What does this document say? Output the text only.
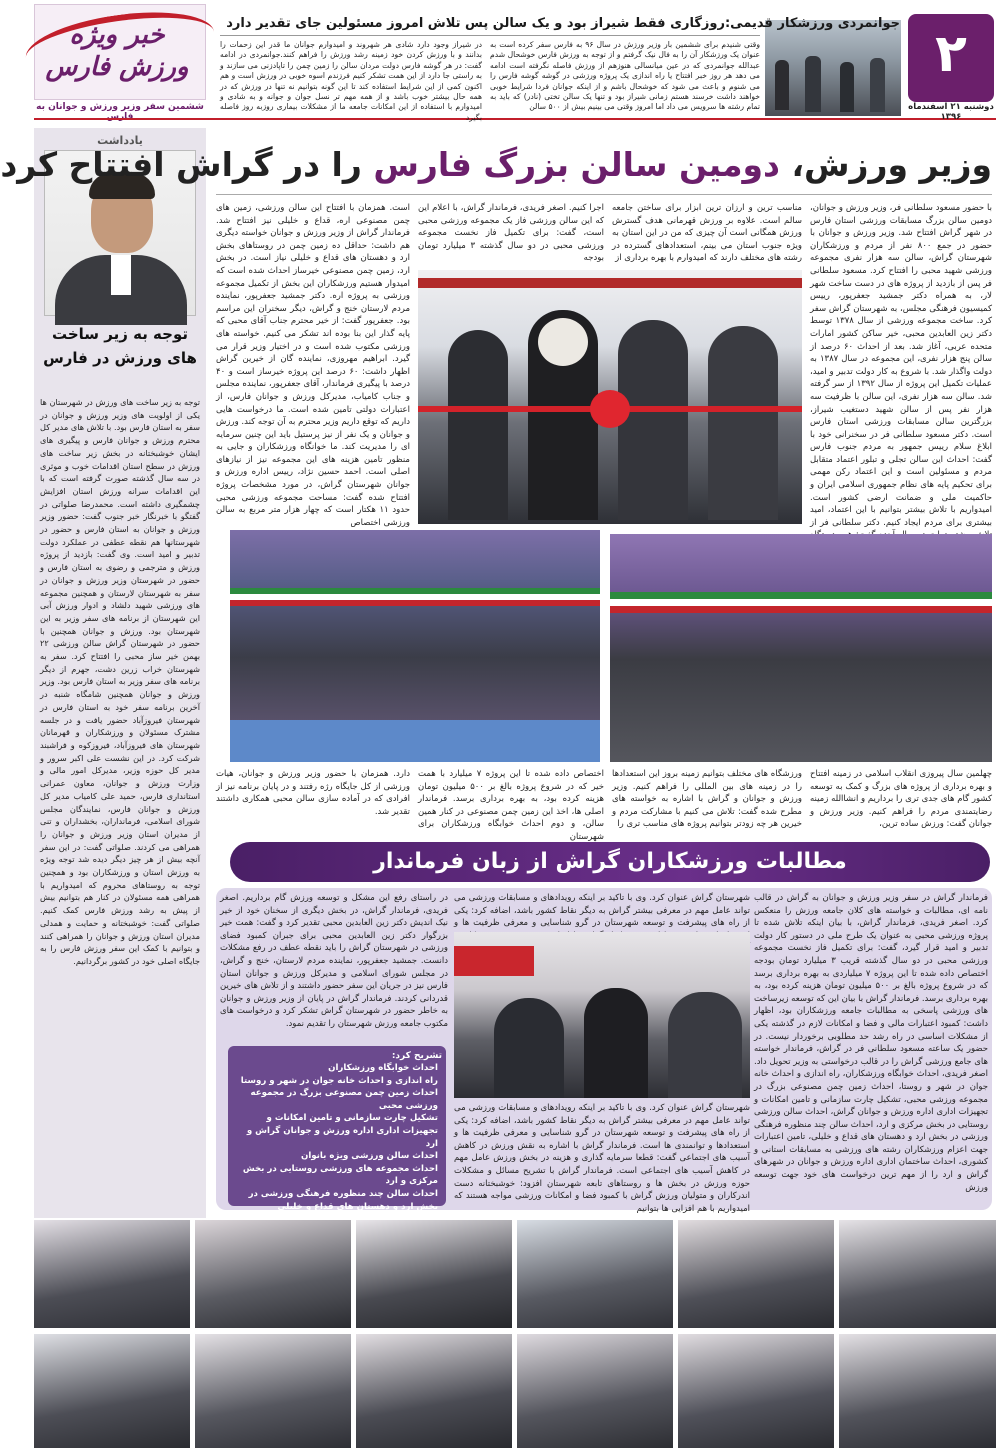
خبر ویژه ورزش فارس
ششمین سفر وزیر ورزش و جوانان به فارس
۲
دوشنبه ۲۱ اسفندماه ۱۳۹۶
جوانمردی ورزشکار قدیمی:روزگاری فقط شیراز بود و یک سالن پس تلاش امروز مسئولین جای تقدیر دارد
وقتی شنیدم برای ششمین بار وزیر ورزش در سال ۹۶ به فارس سفر کرده است به عنوان یک ورزشکار آن را به فال نیک گرفتم و از توجه به ورزش فارس خوشحال شدم عبدالله جوانمردی که در عین میانسالی هنوزهم از ورزش فاصله نگرفته است ادامه می دهد هر روز خبر افتتاح یا راه اندازی یک پروژه ورزشی در گوشه گوشه فارس را می شنوم و باعث می شود که خوشحال باشم و از اینکه جوانان فردا شرایط خوبی خواهند داشت خرسند هستم زمانی شیراز بود و تنها یک سالن تختی (نادر) که باید به تمام رشته ها سرویس می داد اما امروز وقتی می بینیم بیش از ۵۰۰ سالن
در شیراز وجود دارد شادی هر شهروند و امیدوارم جوانان ما قدر این زحمات را بدانند و با ورزش کردن خود زمینه رشد ورزش را فراهم کنند.جوانمردی در ادامه گفت: در هر گوشه فارس دولت مردان سالن را زمین چمن را تاپادزنی می سازند و به راستی جا دارد از این همت تشکر کنیم فرزندم اسوه خوبی در ورزش است و هم اکنون کمی از این شرایط استفاده کند تا این گونه بتوانیم نه تنها در ورزش که در همه حال بیشتر خوب باشد و از همه مهم تر نسل جوان و جوانه و به شادی و امیدوارم با استفاده از این امکانات جامعه ما از مشکلات بیماری روزبه روز فاصله بگیرد
یادداشت
توجه به زیر ساخت های ورزش در فارس
توجه به زیر ساخت های ورزش در شهرستان ها یکی از اولویت های وزیر ورزش و جوانان در سفر به استان فارس بود. با تلاش های مدیر کل محترم ورزش و جوانان فارس و پیگیری های ایشان خوشبختانه در بخش زیر ساخت های ورزش در سطح استان اقدامات خوب و موثری در سه سال گذشته صورت گرفته است که با این اقدامات سرانه ورزش استان افزایش چشمگیری داشته است. محمدرضا صلواتی در گفتگو با خبرنگار خبر جنوب گفت: حضور وزیر ورزش و جوانان به استان فارس و حضور در شهرستانها هم نقطه عطفی در عملکرد دولت تدبیر و امید است. وی گفت: بازدید از پروژه ورزش و مترجمی و رضوی به استان فارس و حضور در شهرستان وزیر ورزش و جوانان در سفر به شهرستان لارستان و همچنین مجموعه های ورزشی شهید دلشاد و ادوار ورزش آبی این شهرستان از برنامه های سفر وزیر به این شهرستان بود. ورزش و جوانان همچنین با حضور در شهرستان گراش سالن ورزشی ۲۲ بهمن خیر ساز محبی را افتتاح کرد. سفر به شهرستان خراب زرین دشت، جهرم از دیگر برنامه های سفر وزیر به استان فارس بود. وزیر ورزش و جوانان همچنین شامگاه شنبه در آخرین برنامه سفر خود به استان فارس در شهرستان فیروزآباد حضور یافت و در جلسه مشترک مسئولان و ورزشکاران و قهرمانان شهرستان های فیروزآباد، فیروزکوه و فراشبند شرکت کرد. در این نشست علی اکبر سرور و مدیر کل حوزه وزیر، مدیرکل امور مالی و وزارت ورزش و جوانان، معاون عمرانی استانداری فارس، حمید علی کامیاب مدیر کل ورزش و جوانان فارس، نمایندگان مجلس شورای اسلامی، فرمانداران، بخشداران و تنی از مدیران استان وزیر ورزش و جوانان را همراهی می کردند. صلواتی گفت: در این سفر آنچه بیش از هر چیز دیگر دیده شد توجه ویژه به ورزش استان و ورزشکاران بود و همچنین توجه به روستاهای محروم که امیدواریم با همراهی همه مسئولان در کنار هم بتوانیم بیش از پیش به رشد ورزش فارس کمک کنیم. صلواتی گفت: خوشبختانه و حمایت و همدلی مدیران استان ورزش و جوانان را همراهی کنند و بتوانیم با کمک این سفر ورزش فارس را به جایگاه اصلی خود در کشور برگردانیم.
وزیر ورزش، دومین سالن بزرگ فارس را در گراش افتتاح کرد
با حضور مسعود سلطانی فر، وزیر ورزش و جوانان، دومین سالن بزرگ مسابقات ورزشی استان فارس در شهر گراش افتتاح شد. وزیر ورزش و جوانان با حضور در جمع ۸۰۰ نفر از مردم و ورزشکاران شهرستان گراش، سالن سه هزار نفری مجموعه ورزشی شهید محبی را افتتاح کرد. مسعود سلطانی فر پس از بازدید از پروژه های در دست ساخت شهر لار، به همراه دکتر جمشید جعفرپور، رییس کمیسیون فرهنگی مجلس، به شهرستان گراش سفر کرد. ساخت مجموعه ورزشی از سال ۱۳۷۸ توسط دکتر زین العابدین محبی، خیر ساکن کشور امارات متحده عربی، آغاز شد. بعد از احداث ۶۰ درصد از سالن پنج هزار نفری، این مجموعه در سال ۱۳۸۷ به دولت واگذار شد. با شروع به کار دولت تدبیر و امید، عملیات تکمیل این پروژه از سال ۱۳۹۲ از سر گرفته شد. سالن سه هزار نفری، این سالن با ظرفیت سه هزار نفر پس از سالن شهید دستغیب شیراز، بزرگترین سالن مسابقات ورزشی استان فارس است. دکتر مسعود سلطانی فر در سخنرانی خود با ابلاغ سلام رییس جمهور به مردم جنوب فارس گفت: احداث این سالن تجلی و تبلور اعتماد متقابل مردم و مسئولین است و این اعتماد رکن مهمی برای تحکیم پایه های نظام جمهوری اسلامی ایران و حاکمیت ملی و ضمانت ارضی کشور است. امیدواریم با تلاش بیشتر بتوانیم با این اعتماد، امید بیشتری برای مردم ایجاد کنیم. دکتر سلطانی فر از
مناسب ترین و ارزان ترین ابزار برای ساختن جامعه سالم است. علاوه بر ورزش قهرمانی هدف گسترش ورزش همگانی است آن چیزی که من در این استان به ویژه جنوب استان می بینم، استعدادهای گسترده در رشته های مختلف دارند که امیدوارم با بهره برداری از
اجرا کنیم. اصغر فریدی، فرماندار گراش، با اعلام این که این سالن ورزشی فاز یک مجموعه ورزشی محبی است، گفت: برای تکمیل فاز نخست مجموعه ورزشی محبی در دو سال گذشته ۳ میلیارد تومان بودجه
است. همزمان با افتتاح این سالن ورزشی، زمین های چمن مصنوعی اره، قداع و خلیلی نیز افتتاح شد. فرماندار گراش از وزیر ورزش و جوانان خواسته دیگری هم داشت: حداقل ده زمین چمن در روستاهای بخش ارد و دهستان های قداع و خلیلی نیاز است. در بخش ارد، زمین چمن مصنوعی خیرساز احداث شده است که امیدوار هستیم ورزشکاران این بخش از تکمیل مجموعه ورزشی به پروژه اره. دکتر جمشید جعفرپور، نماینده مردم لارستان خنج و گراش، دیگر سخنران این مراسم بود. جعفرپور گفت: از خیر محترم جناب آقای محبی که پایه گذار این بنا بوده اند تشکر می کنیم. خواسته های ورزشی مکتوب شده است و در اختیار وزیر قرار می گیرد. ابراهیم مهروزی، نماینده گان از خیرین گراش اظهار داشت: ۶۰ درصد این پروژه خیرساز است و ۴۰ درصد با پیگیری فرماندار، آقای جعفرپور، نماینده مجلس و جناب کامیاب، مدیرکل ورزش و جوانان فارس، از اعتبارات دولتی تامین شده است. ما درخواست هایی داریم که توقع داریم وزیر محترم به آن توجه کند. ورزش و جوانان و یک نفر از نیز پرستیل باید این چنین سرمایه ای را مدیریت کند. ما خوانگاه ورزشکاران و جایی به منظور تامین هزینه های این مجموعه نیز از نیازهای اصلی است. احمد حسین نژاد، رییس اداره ورزش و جوانان شهرستان گراش، در مورد مشخصات پروژه افتتاح شده گفت: مساحت مجموعه ورزشی محبی حدود ۱۱ هکتار است که چهار هزار متر مربع به سالن ورزشی اختصاص
چهلمین سال پیروزی انقلاب اسلامی در زمینه افتتاح و بهره برداری از پروژه های بزرگ و کمک به توسعه کشور گام های جدی تری را برداریم و انشاالله زمینه رضایتمندی مردم را فراهم کنیم. وزیر ورزش و جوانان گفت: ورزش ساده ترین،
ورزشگاه های مختلف بتوانیم زمینه بروز این استعدادها را در زمینه های بین المللی را فراهم کنیم. وزیر ورزش و جوانان و گراش با اشاره به خواسته های مطرح شده گفت: تلاش می کنیم با مشارکت مردم و خیرین هر چه زودتر بتوانیم پروژه های مناسب تری را
اختصاص داده شده تا این پروژه ۷ میلیارد با همت خیر که در شروع پروژه بالغ بر ۵۰۰ میلیون تومان هزینه کرده بود، به بهره برداری برسد. فرماندار اصلی ها، اخذ این زمین چمن مصنوعی در کنار همین سالن، و دوم احداث خوابگاه ورزشکاران برای شهرستان
دارد. همزمان با حضور وزیر ورزش و جوانان، هیات ورزشی از کل جایگاه رژه رفتند و در پایان برنامه نیز از افرادی که در آماده سازی سالن محبی همکاری داشتند تقدیر شد.
مطالبات ورزشکاران گراش از زبان فرماندار
فرماندار گراش در سفر وزیر ورزش و جوانان به گراش در قالب نامه ای، مطالبات و خواسته های کلان جامعه ورزش را منعکس کرد. اصغر فریدی، فرماندار گراش، با بیان اینکه تلاش شده تا پروژه ورزشی محبی به عنوان یک طرح ملی در دستور کار دولت تدبیر و امید قرار گیرد، گفت: برای تکمیل فاز نخست مجموعه ورزشی محبی در دو سال گذشته قریب ۳ میلیارد تومان بودجه اختصاص داده شده تا این پروژه ۷ میلیاردی به بهره برداری برسد که در شروع پروژه بالغ بر ۵۰۰ میلیون تومان هزینه کرده بود، به بهره برداری برسد. فرماندار گراش با بیان این که توسعه زیرساخت های ورزشی پاسخی به مطالبات جامعه ورزشکاران بود، اظهار داشت: کمبود اعتبارات مالی و فضا و امکانات لازم در گذشته یکی از مشکلات اساسی در راه رشد حد مطلوبی برخوردار نیست. در حضور یک ساعته مسعود سلطانی فر در گراش، فرماندار خواسته های جامع ورزشی گراش را در قالب درخواستی به وزیر تحویل داد. اصغر فریدی، احداث خوابگاه ورزشکاران، راه اندازی و احداث خانه جوان در شهر و روستا، احداث زمین چمن مصنوعی بزرگ در مجموعه ورزشی محبی، تشکیل چارت سازمانی و تامین امکانات و تجهیزات اداری اداره ورزش و جوانان گراش، احداث سالن ورزشی روستایی در بخش مرکزی و ارد، احداث سالن چند منظوره فرهنگی ورزشی در بخش ارد و دهستان های قداع و خلیلی، تامین اعتبارات جهت اعزام ورزشکاران رشته های ورزشی به مسابقات استانی و کشوری، احداث ساختمان اداری اداره ورزش و جوانان در شهرهای گراش و ارد را از مهم ترین درخواست های خود جهت توسعه ورزش
شهرستان گراش عنوان کرد. وی با تاکید بر اینکه رویدادهای و مسابقات ورزشی می تواند عامل مهم در معرفی بیشتر گراش به دیگر نقاط کشور باشد، اضافه کرد: یکی از راه های پیشرفت و توسعه شهرستان در گرو شناسایی و معرفی ظرفیت ها و
در راستای رفع این مشکل و توسعه ورزش گام برداریم. اصغر فریدی، فرماندار گراش، در بخش دیگری از سخنان خود از خیر نیک اندیش دکتر زین العابدین محبی تقدیر کرد و گفت: همت خیر بزرگوار دکتر زین العابدین محبی برای جبران کمبود فضای ورزشی در شهرستان گراش را باید نقطه عطف در رفع مشکلات دانست. جمشید جعفرپور، نماینده مردم لارستان، خنج و گراش، در مجلس شورای اسلامی و مدیرکل ورزش و جوانان استان فارس نیز در جریان این سفر حضور داشتند و از تلاش های خیرین قدردانی کردند. فرماندار گراش در پایان از وزیر ورزش و جوانان به خاطر حضور در شهرستان گراش تشکر کرد و درخواست های مکتوب جامعه ورزش شهرستان را تقدیم نمود.
شهرستان گراش عنوان کرد. وی با تاکید بر اینکه رویدادهای و مسابقات ورزشی می تواند عامل مهم در معرفی بیشتر گراش به دیگر نقاط کشور باشد، اضافه کرد: یکی از راه های پیشرفت و توسعه شهرستان در گرو شناسایی و معرفی ظرفیت ها و استعدادها و توانمندی ها است. فرماندار گراش با اشاره به نقش ورزش در کاهش آسیب های اجتماعی گفت: قطعا سرمایه گذاری و هزینه در بخش ورزش عامل مهم در کاهش آسیب های اجتماعی است. فرماندار گراش با تشریح مسائل و مشکلات حوزه ورزش در بخش ها و روستاهای تابعه شهرستان افزود: خوشبختانه دست اندرکاران و متولیان ورزش گراش با کمبود فضا و امکانات ورزشی مواجه هستند که امیدواریم با هم افزایی ها بتوانیم
تشریح کرد:
احداث خوابگاه ورزشکاران
راه اندازی و احداث خانه جوان در شهر و روستا
احداث زمین چمن مصنوعی بزرگ در مجموعه ورزشی محبی
تشکیل چارت سازمانی و تامین امکانات و تجهیزات اداری اداره ورزش و جوانان گراش و ارد
احداث سالن ورزشی ویژه بانوان
احداث مجموعه های ورزشی روستایی در بخش مرکزی و ارد
احداث سالن چند منظوره فرهنگی ورزشی در بخش ارد و دهستان های قداع و خلیلی
مسابقات
